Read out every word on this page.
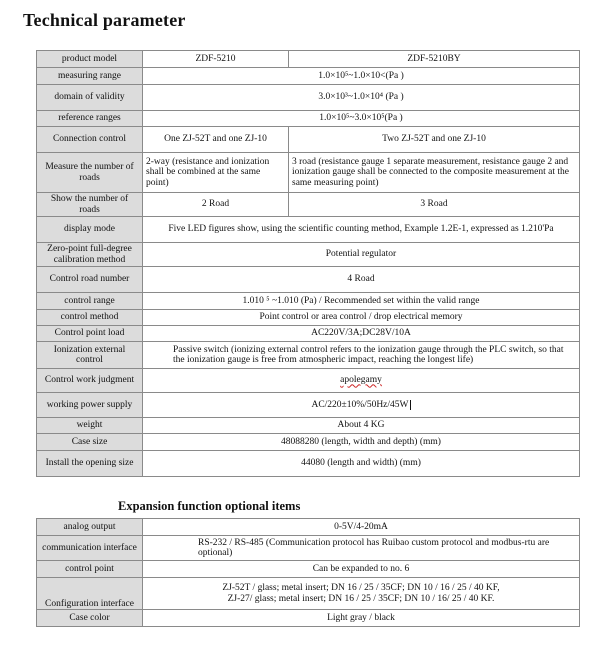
Technical parameter
product model	ZDF-5210	ZDF-5210BY
measuring range	1.0×10⁵~1.0×10<(Pa )	
domain of validity	3.0×10³~1.0×10⁴ (Pa )	
reference ranges	1.0×10⁵~3.0×10⁵(Pa )	
Connection control	One ZJ-52T and one ZJ-10	Two ZJ-52T and one ZJ-10
Measure the number of roads	2-way (resistance and ionization shall be combined at the same point)	3 road (resistance gauge 1 separate measurement, resistance gauge 2 and ionization gauge shall be connected to the composite measurement at the same measuring point)
Show the number of roads	2 Road	3 Road
display mode	Five LED figures show, using the scientific counting method, Example 1.2E-1, expressed as 1.210'Pa	
Zero-point full-degree calibration method	Potential regulator	
Control road number	4 Road	
control range	1.010 ⁵ ~1.010 (Pa) / Recommended set within the valid range	
control method	Point control or area control / drop electrical memory	
Control point load	AC220V/3A;DC28V/10A	
Ionization external control	Passive switch (ionizing external control refers to the ionization gauge through the PLC switch, so that the ionization gauge is free from atmospheric impact, reaching the longest life)	
Control work judgment	apolegamy	
working power supply	AC/220±10%/50Hz/45W	
weight	About 4 KG	
Case size	48088280 (length, width and depth) (mm)	
Install the opening size	44080 (length and width) (mm)	
Expansion function optional items
analog output	0-5V/4-20mA
communication interface	RS-232 / RS-485 (Communication protocol has Ruibao custom protocol and modbus-rtu are optional)
control point	Can be expanded to no. 6
Configuration interface	ZJ-52T / glass; metal insert; DN 16 / 25 / 35CF; DN 10 / 16 / 25 / 40 KF,
ZJ-27/ glass; metal insert; DN 16 / 25 / 35CF; DN 10 / 16/ 25 / 40 KF.

Case color	Light gray / black
